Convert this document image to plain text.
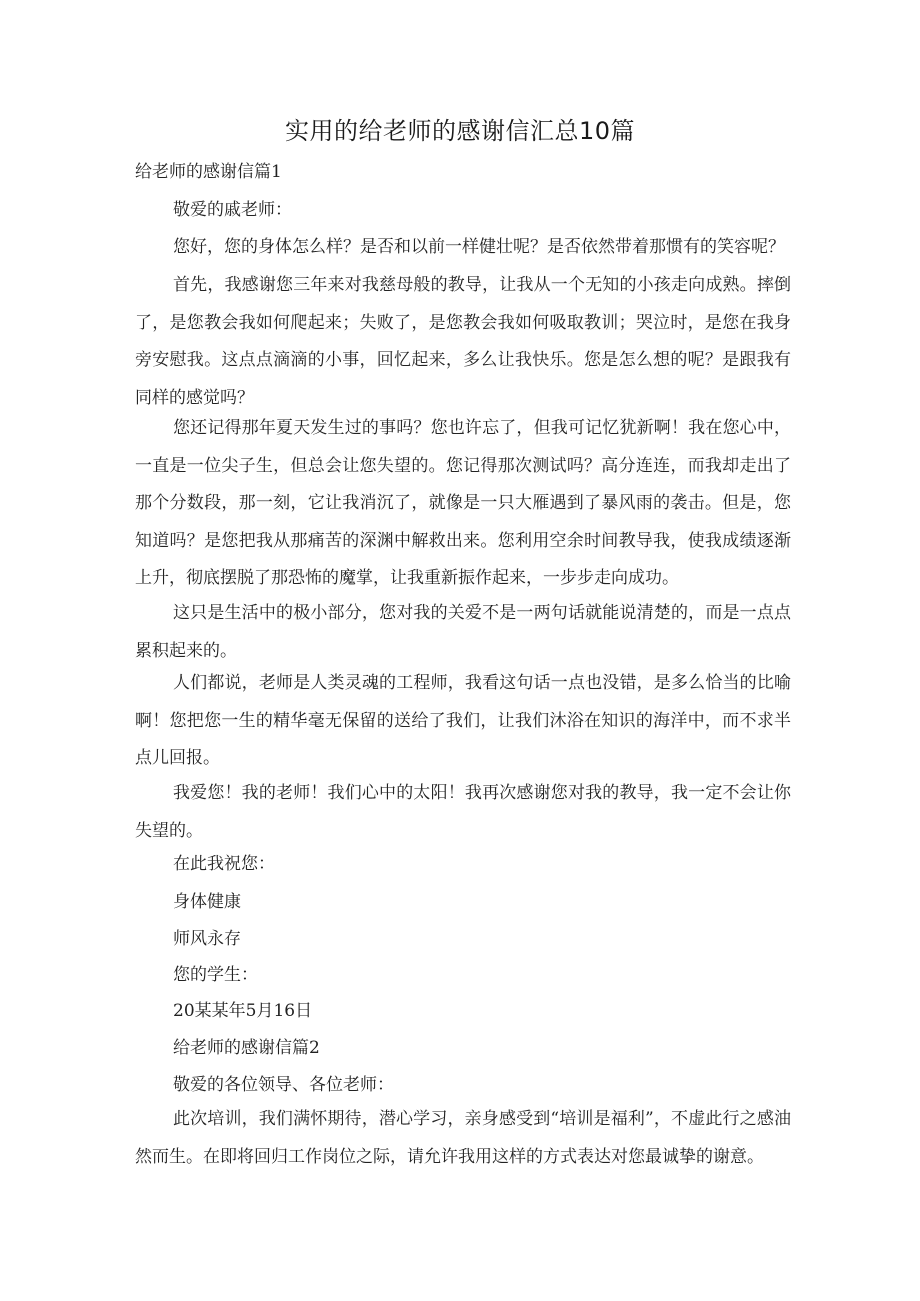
实用的给老师的感谢信汇总10篇
给老师的感谢信篇1
敬爱的戚老师：
您好，您的身体怎么样？是否和以前一样健壮呢？是否依然带着那惯有的笑容呢？
首先，我感谢您三年来对我慈母般的教导，让我从一个无知的小孩走向成熟。摔倒了，是您教会我如何爬起来；失败了，是您教会我如何吸取教训；哭泣时，是您在我身旁安慰我。这点点滴滴的小事，回忆起来，多么让我快乐。您是怎么想的呢？是跟我有同样的感觉吗？
您还记得那年夏天发生过的事吗？您也许忘了，但我可记忆犹新啊！我在您心中，一直是一位尖子生，但总会让您失望的。您记得那次测试吗？高分连连，而我却走出了那个分数段，那一刻，它让我消沉了，就像是一只大雁遇到了暴风雨的袭击。但是，您知道吗？是您把我从那痛苦的深渊中解救出来。您利用空余时间教导我，使我成绩逐渐上升，彻底摆脱了那恐怖的魔掌，让我重新振作起来，一步步走向成功。
这只是生活中的极小部分，您对我的关爱不是一两句话就能说清楚的，而是一点点累积起来的。
人们都说，老师是人类灵魂的工程师，我看这句话一点也没错，是多么恰当的比喻啊！您把您一生的精华毫无保留的送给了我们，让我们沐浴在知识的海洋中，而不求半点儿回报。
我爱您！我的老师！我们心中的太阳！我再次感谢您对我的教导，我一定不会让你失望的。
在此我祝您：
身体健康
师风永存
您的学生：
20某某年5月16日
给老师的感谢信篇2
敬爱的各位领导、各位老师：
此次培训，我们满怀期待，潜心学习，亲身感受到“培训是福利”，不虚此行之感油然而生。在即将回归工作岗位之际，请允许我用这样的方式表达对您最诚挚的谢意。
